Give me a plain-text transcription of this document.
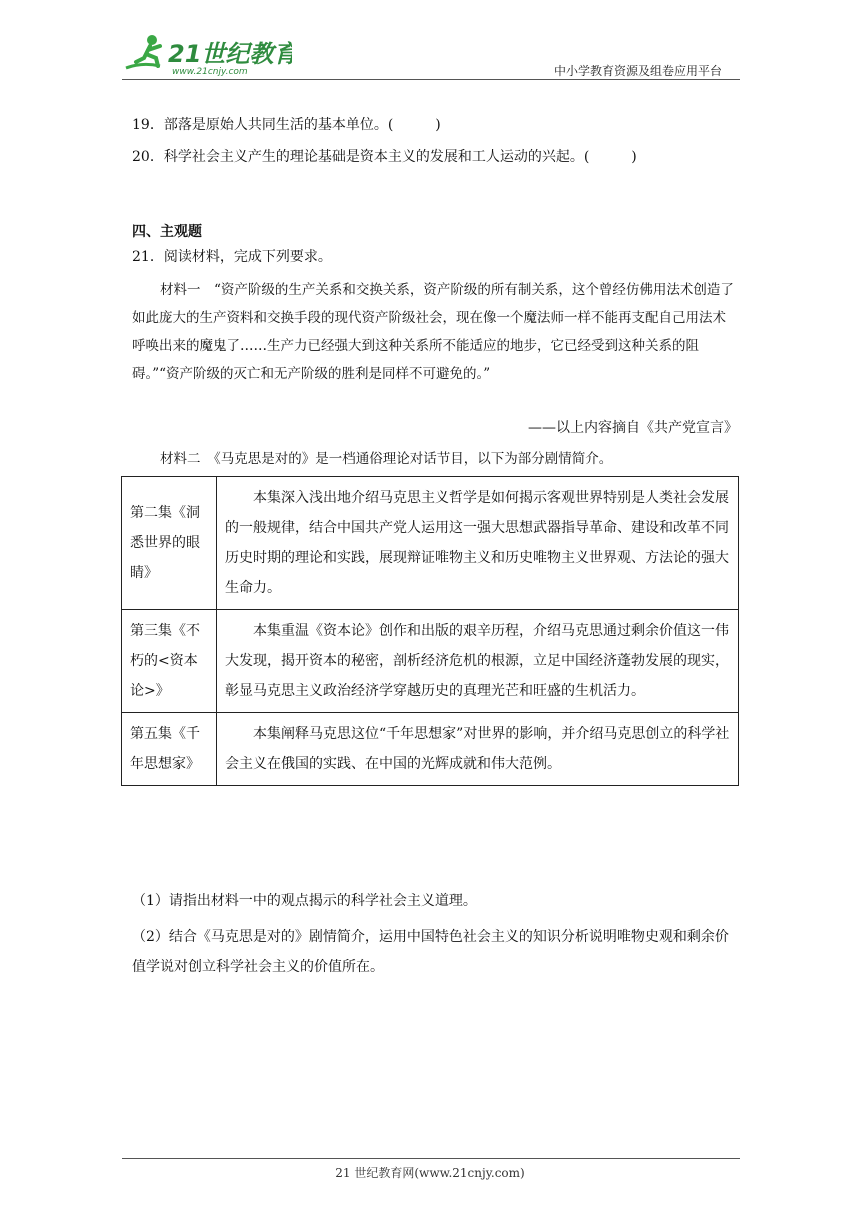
21世纪教育
www.21cnjy.com	中小学教育资源及组卷应用平台
19．部落是原始人共同生活的基本单位。(　　　)
20．科学社会主义产生的理论基础是资本主义的发展和工人运动的兴起。(　　　)
四、主观题
21．阅读材料，完成下列要求。

材料一　“资产阶级的生产关系和交换关系，资产阶级的所有制关系，这个曾经仿佛用法术创造了如此庞大的生产资料和交换手段的现代资产阶级社会，现在像一个魔法师一样不能再支配自己用法术呼唤出来的魔鬼了……生产力已经强大到这种关系所不能适应的地步，它已经受到这种关系的阻碍。”“资产阶级的灭亡和无产阶级的胜利是同样不可避免的。”

——以上内容摘自《共产党宣言》

材料二　《马克思是对的》是一档通俗理论对话节目，以下为部分剧情简介。

第二集《洞悉世界的眼睛》	本集深入浅出地介绍马克思主义哲学是如何揭示客观世界特别是人类社会发展的一般规律，结合中国共产党人运用这一强大思想武器指导革命、建设和改革不同历史时期的理论和实践，展现辩证唯物主义和历史唯物主义世界观、方法论的强大生命力。
第三集《不朽的<资本论>》	本集重温《资本论》创作和出版的艰辛历程，介绍马克思通过剩余价值这一伟大发现，揭开资本的秘密，剖析经济危机的根源，立足中国经济蓬勃发展的现实，彰显马克思主义政治经济学穿越历史的真理光芒和旺盛的生机活力。
第五集《千年思想家》	本集阐释马克思这位“千年思想家”对世界的影响，并介绍马克思创立的科学社会主义在俄国的实践、在中国的光辉成就和伟大范例。
（1）请指出材料一中的观点揭示的科学社会主义道理。
（2）结合《马克思是对的》剧情简介，运用中国特色社会主义的知识分析说明唯物史观和剩余价值学说对创立科学社会主义的价值所在。
21 世纪教育网(www.21cnjy.com)
